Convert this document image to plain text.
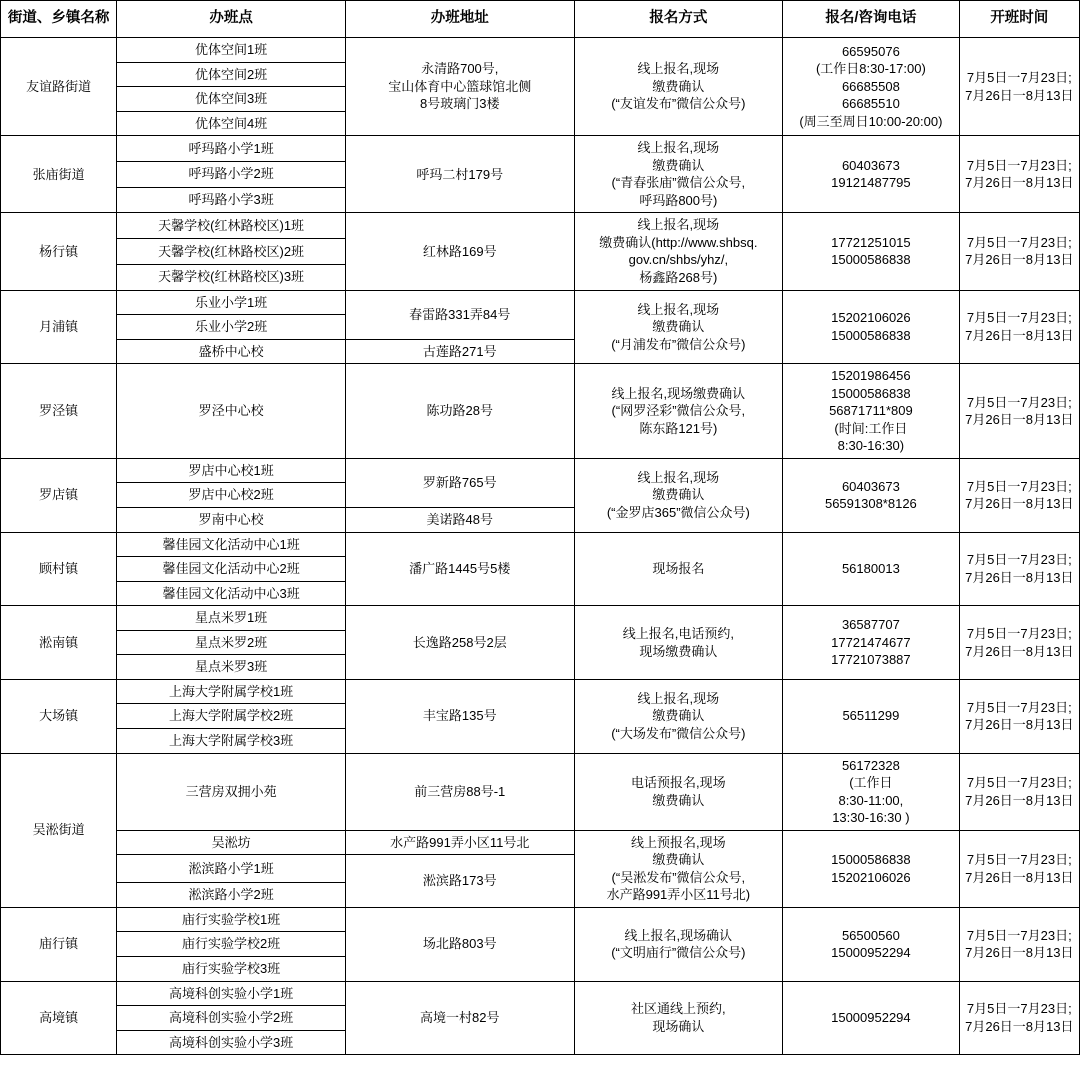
街道、乡镇名称	办班点	办班地址	报名方式	报名/咨询电话	开班时间
友谊路街道	优体空间1班	永清路700号,
宝山体育中心篮球馆北侧
8号玻璃门3楼	线上报名,现场
缴费确认
(“友谊发布”微信公众号)	66595076
(工作日8:30-17:00)
66685508
66685510
(周三至周日10:00-20:00)	7月5日一7月23日;
7月26日一8月13日

	优体空间2班				
	优体空间3班				
	优体空间4班				
张庙街道	呼玛路小学1班	呼玛二村179号	线上报名,现场
缴费确认
(“青春张庙”微信公众号,
呼玛路800号)	60403673
19121487795	7月5日一7月23日;
7月26日一8月13日

	呼玛路小学2班				
	呼玛路小学3班				
杨行镇	天馨学校(红林路校区)1班	红林路169号	线上报名,现场
缴费确认(http://www.shbsq.
gov.cn/shbs/yhz/,
杨鑫路268号)	17721251015
15000586838	7月5日一7月23日;
7月26日一8月13日

	天馨学校(红林路校区)2班				
	天馨学校(红林路校区)3班				
月浦镇	乐业小学1班	春雷路331弄84号	线上报名,现场
缴费确认
(“月浦发布”微信公众号)	15202106026
15000586838	7月5日一7月23日;
7月26日一8月13日

	乐业小学2班				
	盛桥中心校	古莲路271号			

罗泾镇	罗泾中心校	陈功路28号	线上报名,现场缴费确认
(“网罗泾彩”微信公众号,
陈东路121号)	15201986456
15000586838
56871711*809
(时间:工作日
8:30-16:30)	7月5日一7月23日;
7月26日一8月13日

罗店镇	罗店中心校1班	罗新路765号	线上报名,现场
缴费确认
(“金罗店365”微信公众号)	60403673
56591308*8126	7月5日一7月23日;
7月26日一8月13日

	罗店中心校2班				
	罗南中心校	美诺路48号			

顾村镇	馨佳园文化活动中心1班	潘广路1445号5楼	现场报名	56180013	7月5日一7月23日;
7月26日一8月13日

	馨佳园文化活动中心2班				
	馨佳园文化活动中心3班				
淞南镇	星点米罗1班	长逸路258号2层	线上报名,电话预约,
现场缴费确认	36587707
17721474677
17721073887	7月5日一7月23日;
7月26日一8月13日

	星点米罗2班				
	星点米罗3班				
大场镇	上海大学附属学校1班	丰宝路135号	线上报名,现场
缴费确认
(“大场发布”微信公众号)	56511299	7月5日一7月23日;
7月26日一8月13日

	上海大学附属学校2班				
	上海大学附属学校3班				
吴淞街道	三营房双拥小苑	前三营房88号-1	电话预报名,现场
缴费确认	56172328
(工作日
8:30-11:00,
13:30-16:30 )	7月5日一7月23日;
7月26日一8月13日

	吴淞坊	水产路991弄小区11号北	线上预报名,现场
缴费确认
(“吴淞发布”微信公众号,
水产路991弄小区11号北)	15000586838
15202106026	7月5日一7月23日;
7月26日一8月13日

	淞滨路小学1班	淞滨路173号			

	淞滨路小学2班				
庙行镇	庙行实验学校1班	场北路803号	线上报名,现场确认
(“文明庙行”微信公众号)	56500560
15000952294	7月5日一7月23日;
7月26日一8月13日

	庙行实验学校2班				
	庙行实验学校3班				
高境镇	高境科创实验小学1班	高境一村82号	社区通线上预约,
现场确认	15000952294	7月5日一7月23日;
7月26日一8月13日

	高境科创实验小学2班				
	高境科创实验小学3班				
